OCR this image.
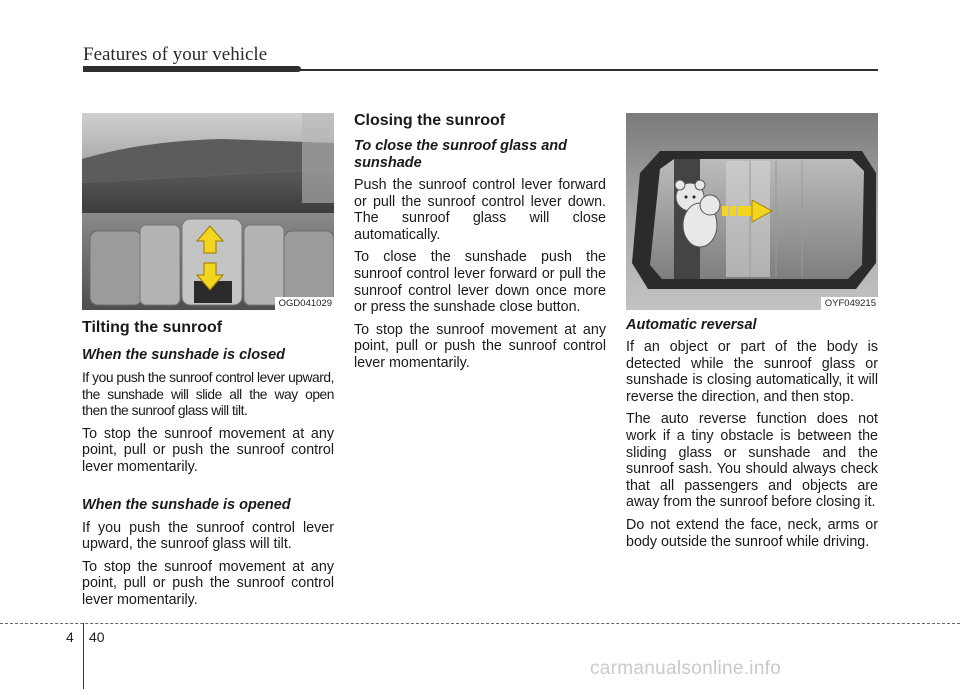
Features of your vehicle
OGD041029
Tilting the sunroof
When the sunshade is closed

If you push the sunroof control lever upward, the sunshade will slide all the way open then the sunroof glass will tilt.

To stop the sunroof movement at any point, pull or push the sunroof control lever momentarily.

When the sunshade is opened

If you push the sunroof control lever upward, the sunroof glass will tilt.

To stop the sunroof movement at any point, pull or push the sunroof control lever momentarily.

Closing the sunroof
To close the sunroof glass and sunshade

Push the sunroof control lever forward or pull the sunroof control lever down. The sunroof glass will close automatically.

To close the sunshade push the sunroof control lever forward or pull the sunroof control lever down once more or press the sunshade close button.

To stop the sunroof movement at any point, pull or push the sunroof control lever momentarily.

OYF049215
Automatic reversal

If an object or part of the body is detected while the sunroof glass or sunshade is closing automatically, it will reverse the direction, and then stop.

The auto reverse function does not work if a tiny obstacle is between the sliding glass or sunshade and the sunroof sash. You should always check that all passengers and objects are away from the sunroof before closing it.

Do not extend the face, neck, arms or body outside the sunroof while driving.

4 40
carmanualsonline.info
